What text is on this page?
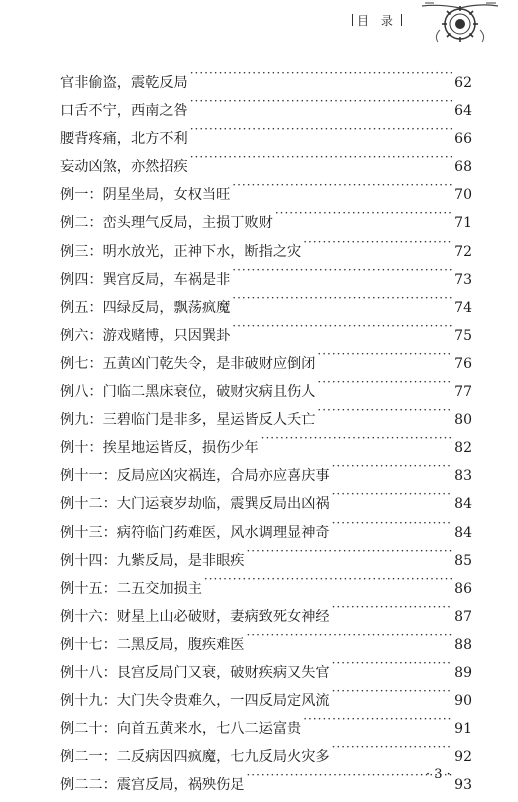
目 录
官非偷盗，震乾反局 ·····	62
口舌不宁，西南之咎 ·····	64
腰背疼痛，北方不利 ·····	66
妄动凶煞，亦然招疾 ·····	68
例一：阴星坐局，女权当旺 ·····	70
例二：峦头理气反局，主损丁败财 ·····	71
例三：明水放光，正神下水，断指之灾 ·····	72
例四：巽宫反局，车祸是非 ·····	73
例五：四绿反局，飘荡疯魔 ·····	74
例六：游戏赌博，只因巽卦 ·····	75
例七：五黄凶门乾失令，是非破财应倒闭 ·····	76
例八：门临二黑床衰位，破财灾病且伤人 ·····	77
例九：三碧临门是非多，星运皆反人夭亡 ·····	80
例十：挨星地运皆反，损伤少年 ·····	82
例十一：反局应凶灾祸连，合局亦应喜庆事 ·····	83
例十二：大门运衰岁劫临，震巽反局出凶祸 ·····	84
例十三：病符临门药难医，风水调理显神奇 ·····	84
例十四：九紫反局，是非眼疾 ·····	85
例十五：二五交加损主 ·····	86
例十六：财星上山必破财，妻病致死女神经 ·····	87
例十七：二黑反局，腹疾难医 ·····	88
例十八：艮宫反局门又衰，破财疾病又失官 ·····	89
例十九：大门失令贵难久，一四反局定风流 ·····	90
例二十：向首五黄来水，七八二运富贵 ·····	91
例二一：二反病因四疯魔，七九反局火灾多 ·····	92
例二二：震宫反局，祸殃伤足 ·····	93
· 3 ·
